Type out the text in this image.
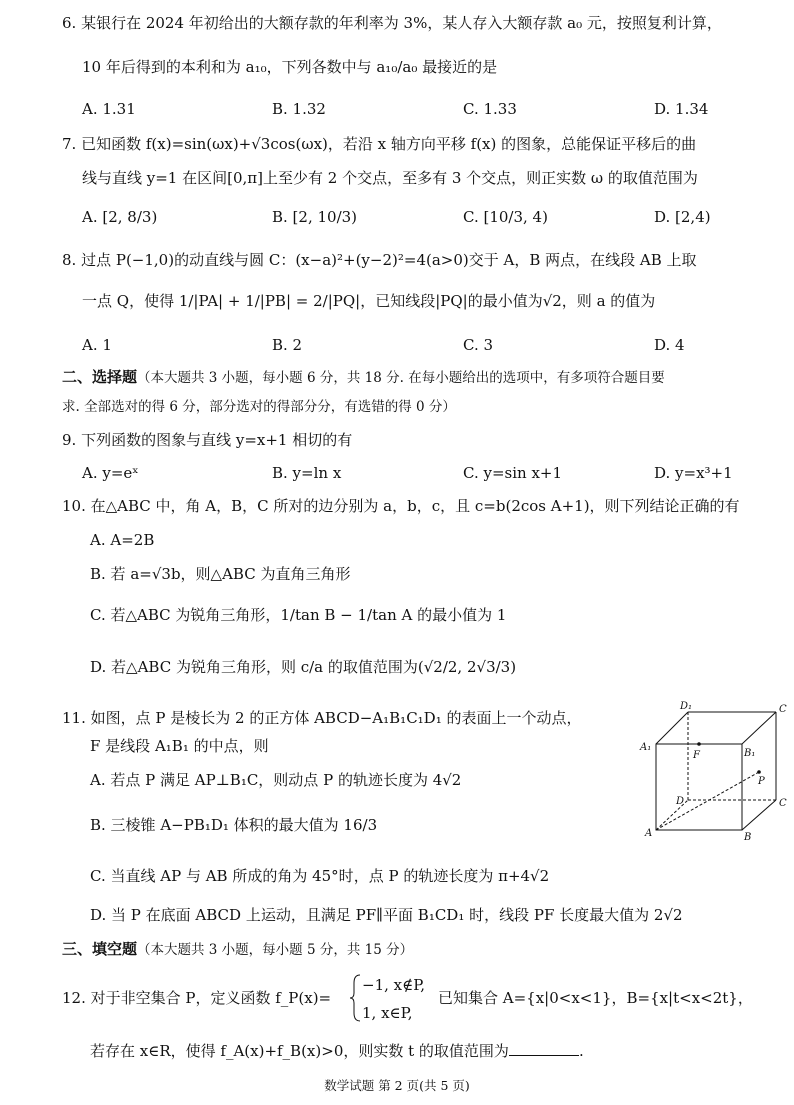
6. 某银行在 2024 年初给出的大额存款的年利率为 3%，某人存入大额存款 a₀ 元，按照复利计算，
10 年后得到的本利和为 a₁₀，下列各数中与 a₁₀/a₀ 最接近的是
A. 1.31	B. 1.32	C. 1.33	D. 1.34
7. 已知函数 f(x)=sin(ωx)+√3cos(ωx)，若沿 x 轴方向平移 f(x) 的图象，总能保证平移后的曲
线与直线 y=1 在区间[0,π]上至少有 2 个交点，至多有 3 个交点，则正实数 ω 的取值范围为
A. [2, 8/3)	B. [2, 10/3)	C. [10/3, 4)	D. [2,4)
8. 过点 P(−1,0)的动直线与圆 C：(x−a)²+(y−2)²=4(a>0)交于 A，B 两点，在线段 AB 上取
一点 Q，使得 1/|PA| + 1/|PB| = 2/|PQ|，已知线段|PQ|的最小值为√2，则 a 的值为
A. 1	B. 2	C. 3	D. 4
二、选择题（本大题共 3 小题，每小题 6 分，共 18 分. 在每小题给出的选项中，有多项符合题目要
求. 全部选对的得 6 分，部分选对的得部分分，有选错的得 0 分）
9. 下列函数的图象与直线 y=x+1 相切的有
A. y=eˣ	B. y=ln x	C. y=sin x+1	D. y=x³+1
10. 在△ABC 中，角 A，B，C 所对的边分别为 a，b，c，且 c=b(2cos A+1)，则下列结论正确的有
A. A=2B
B. 若 a=√3b，则△ABC 为直角三角形
C. 若△ABC 为锐角三角形，1/tan B − 1/tan A 的最小值为 1
D. 若△ABC 为锐角三角形，则 c/a 的取值范围为(√2/2, 2√3/3)
11. 如图，点 P 是棱长为 2 的正方体 ABCD−A₁B₁C₁D₁ 的表面上一个动点，
F 是线段 A₁B₁ 的中点，则
A. 若点 P 满足 AP⊥B₁C，则动点 P 的轨迹长度为 4√2
B. 三棱锥 A−PB₁D₁ 体积的最大值为 16/3
C. 当直线 AP 与 AB 所成的角为 45°时，点 P 的轨迹长度为 π+4√2
D. 当 P 在底面 ABCD 上运动，且满足 PF∥平面 B₁CD₁ 时，线段 PF 长度最大值为 2√2
D₁	C
A₁
B₁
F
P
D	C
A	B
三、填空题（本大题共 3 小题，每小题 5 分，共 15 分）
12. 对于非空集合 P，定义函数 f_P(x)=
−1, x∉P,
1, x∈P,
已知集合 A={x|0<x<1}，B={x|t<x<2t}，
若存在 x∈R，使得 f_A(x)+f_B(x)>0，则实数 t 的取值范围为	.
数学试题 第 2 页(共 5 页)
